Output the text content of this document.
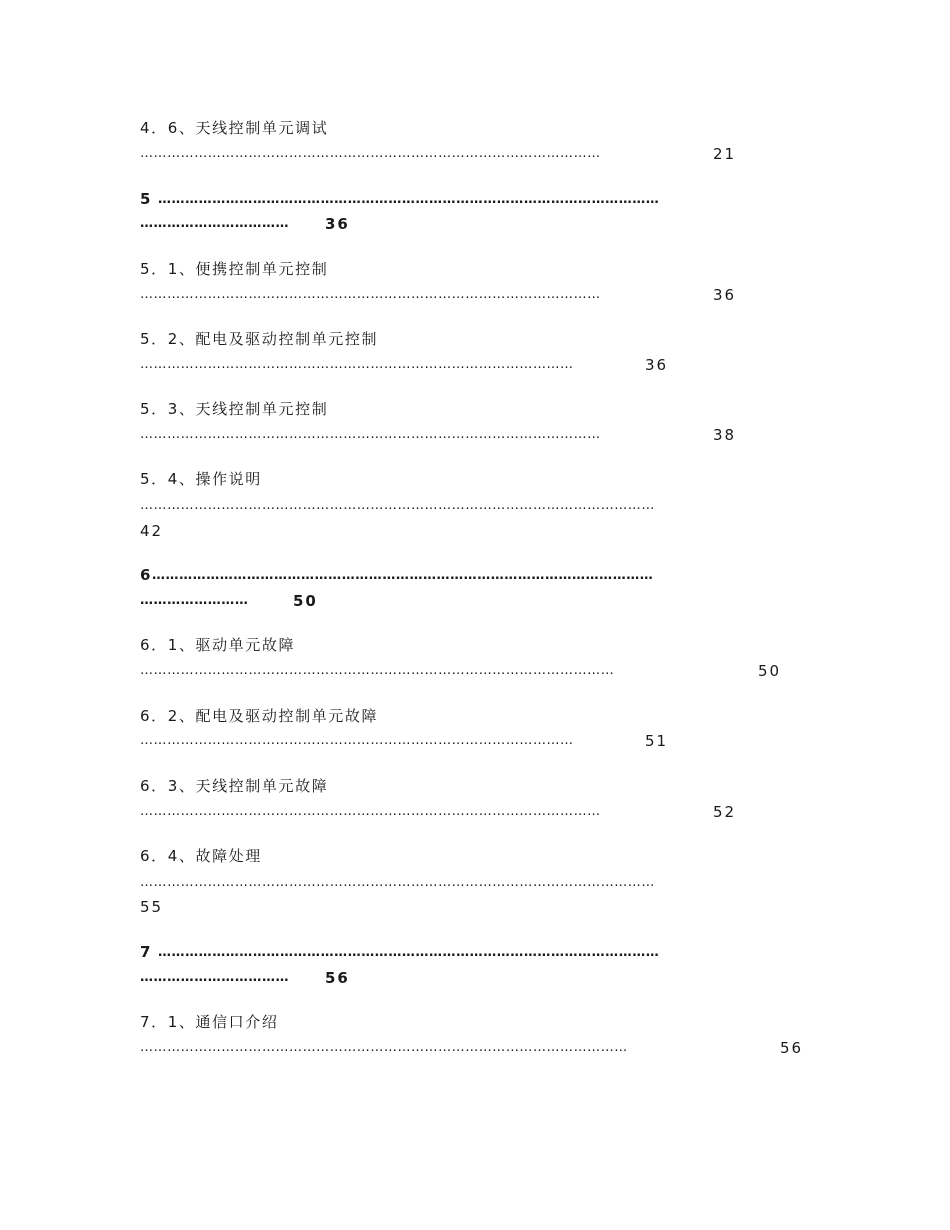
4．6、天线控制单元调试
…………………………………………………………………………………………	21
5 …………………………………………………………………………………………………
……………………………	36
5．1、便携控制单元控制
…………………………………………………………………………………………	36
5．2、配电及驱动控制单元控制
……………………………………………………………………………………	36
5．3、天线控制单元控制
…………………………………………………………………………………………	38
5．4、操作说明
……………………………………………………………………………………………………
42
6 …………………………………………………………………………………………………
……………………	50
6．1、驱动单元故障
……………………………………………………………………………………………	50
6．2、配电及驱动控制单元故障
……………………………………………………………………………………	51
6．3、天线控制单元故障
…………………………………………………………………………………………	52
6．4、故障处理
……………………………………………………………………………………………………
55
7 …………………………………………………………………………………………………
……………………………	56
7．1、通信口介绍
………………………………………………………………………………………………	56
